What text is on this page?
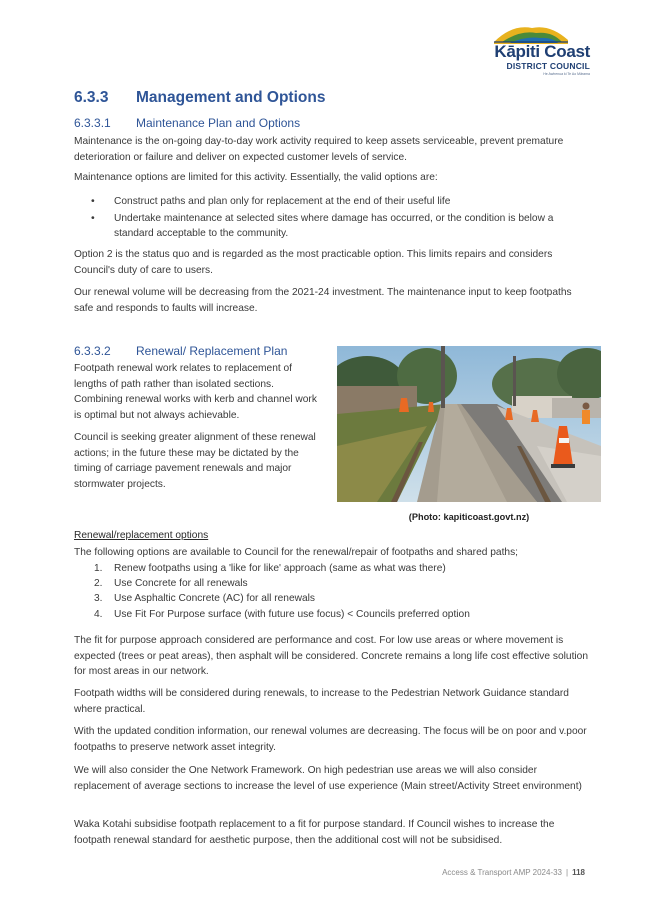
Kāpiti Coast
DISTRICT COUNCIL
He Awhenua ki Te Ao Mārama
6.3.3 Management and Options
6.3.3.1 Maintenance Plan and Options
Maintenance is the on-going day-to-day work activity required to keep assets serviceable, prevent premature deterioration or failure and deliver on expected customer levels of service.
Maintenance options are limited for this activity. Essentially, the valid options are:
• Construct paths and plan only for replacement at the end of their useful life
• Undertake maintenance at selected sites where damage has occurred, or the condition is below a standard acceptable to the community.
Option 2 is the status quo and is regarded as the most practicable option. This limits repairs and considers Council's duty of care to users.
Our renewal volume will be decreasing from the 2021-24 investment. The maintenance input to keep footpaths safe and responds to faults will increase.
6.3.3.2 Renewal/ Replacement Plan
Footpath renewal work relates to replacement of lengths of path rather than isolated sections. Combining renewal works with kerb and channel work is optimal but not always achievable.
Council is seeking greater alignment of these renewal actions; in the future these may be dictated by the timing of carriage pavement renewals and major stormwater projects.
(Photo: kapiticoast.govt.nz)
Renewal/replacement options
The following options are available to Council for the renewal/repair of footpaths and shared paths;
1. Renew footpaths using a 'like for like' approach (same as what was there)
2. Use Concrete for all renewals
3. Use Asphaltic Concrete (AC) for all renewals
4. Use Fit For Purpose surface (with future use focus) < Councils preferred option
The fit for purpose approach considered are performance and cost. For low use areas or where movement is expected (trees or peat areas), then asphalt will be considered. Concrete remains a long life cost effective solution for most areas in our network.
Footpath widths will be considered during renewals, to increase to the Pedestrian Network Guidance standard where practical.
With the updated condition information, our renewal volumes are decreasing. The focus will be on poor and v.poor footpaths to preserve network asset integrity.
We will also consider the One Network Framework. On high pedestrian use areas we will also consider replacement of average sections to increase the level of use experience (Main street/Activity Street environment)
Waka Kotahi subsidise footpath replacement to a fit for purpose standard. If Council wishes to increase the footpath renewal standard for aesthetic purpose, then the additional cost will not be subsidised.
Access & Transport AMP 2024-33 | 118
